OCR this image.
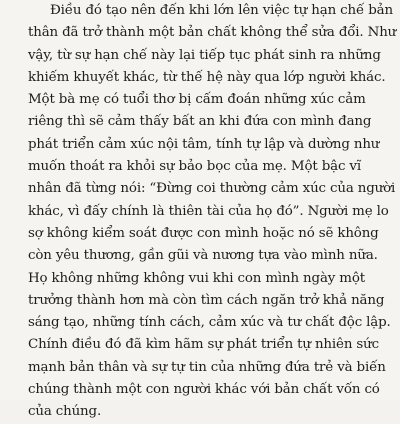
Điều đó tạo nên đến khi lớn lên việc tự hạn chế bản
thân đã trở thành một bản chất không thể sửa đổi. Như
vậy, từ sự hạn chế này lại tiếp tục phát sinh ra những
khiếm khuyết khác, từ thế hệ này qua lớp người khác.
Một bà mẹ có tuổi thơ bị cấm đoán những xúc cảm
riêng thì sẽ cảm thấy bất an khi đứa con mình đang
phát triển cảm xúc nội tâm, tính tự lập và dường như
muốn thoát ra khỏi sự bảo bọc của mẹ. Một bậc vĩ
nhân đã từng nói: “Đừng coi thường cảm xúc của người
khác, vì đấy chính là thiên tài của họ đó”. Người mẹ lo
sợ không kiểm soát được con mình hoặc nó sẽ không
còn yêu thương, gần gũi và nương tựa vào mình nữa.
Họ không những không vui khi con mình ngày một
trưởng thành hơn mà còn tìm cách ngăn trở khả năng
sáng tạo, những tính cách, cảm xúc và tư chất độc lập.
Chính điều đó đã kìm hãm sự phát triển tự nhiên sức
mạnh bản thân và sự tự tin của những đứa trẻ và biến
chúng thành một con người khác với bản chất vốn có
của chúng.
